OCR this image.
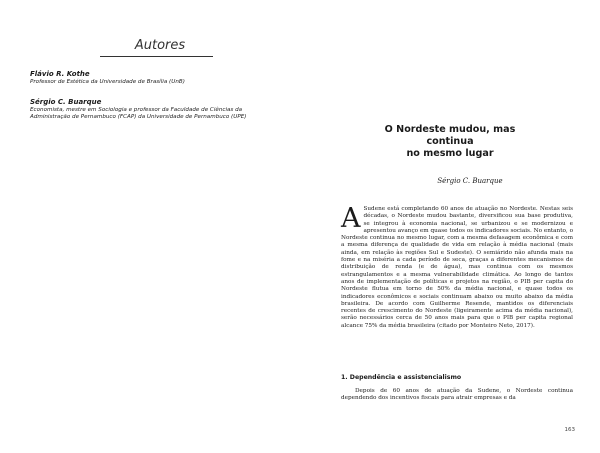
Autores
Flávio R. Kothe
Professor de Estética da Universidade de Brasília (UnB)
Sérgio C. Buarque
Economista, mestre em Sociologia e professor da Faculdade de Ciências da Administração de Pernambuco (FCAP) da Universidade de Pernambuco (UPE)
O Nordeste mudou, mas continua
no mesmo lugar
Sérgio C. Buarque
A Sudene está completando 60 anos de atuação no Nordeste. Nestas seis décadas, o Nordeste mudou bastante, diversificou sua base produtiva, se integrou à economia nacional, se urbanizou e se modernizou e apresentou avanço em quase todos os indicadores sociais. No entanto, o Nordeste continua no mesmo lugar, com a mesma defasagem econômica e com a mesma diferença de qualidade de vida em relação à média nacional (mais ainda, em relação às regiões Sul e Sudeste). O semiárido não afunda mais na fome e na miséria a cada período de seca, graças a diferentes mecanismos de distribuição de renda (e de água), mas continua com os mesmos estrangulamentos e a mesma vulnerabilidade climática. Ao longo de tantos anos de implementação de políticas e projetos na região, o PIB per capita do Nordeste flutua em torno de 50% da média nacional, e quase todos os indicadores econômicos e sociais continuam abaixo ou muito abaixo da média brasileira. De acordo com Guilherme Resende, mantidos os diferenciais recentes de crescimento do Nordeste (ligeiramente acima da média nacional), serão necessários cerca de 50 anos mais para que o PIB per capita regional alcance 75% da média brasileira (citado por Monteiro Neto, 2017).
1. Dependência e assistencialismo
Depois de 60 anos de atuação da Sudene, o Nordeste continua dependendo dos incentivos fiscais para atrair empresas e da
163
